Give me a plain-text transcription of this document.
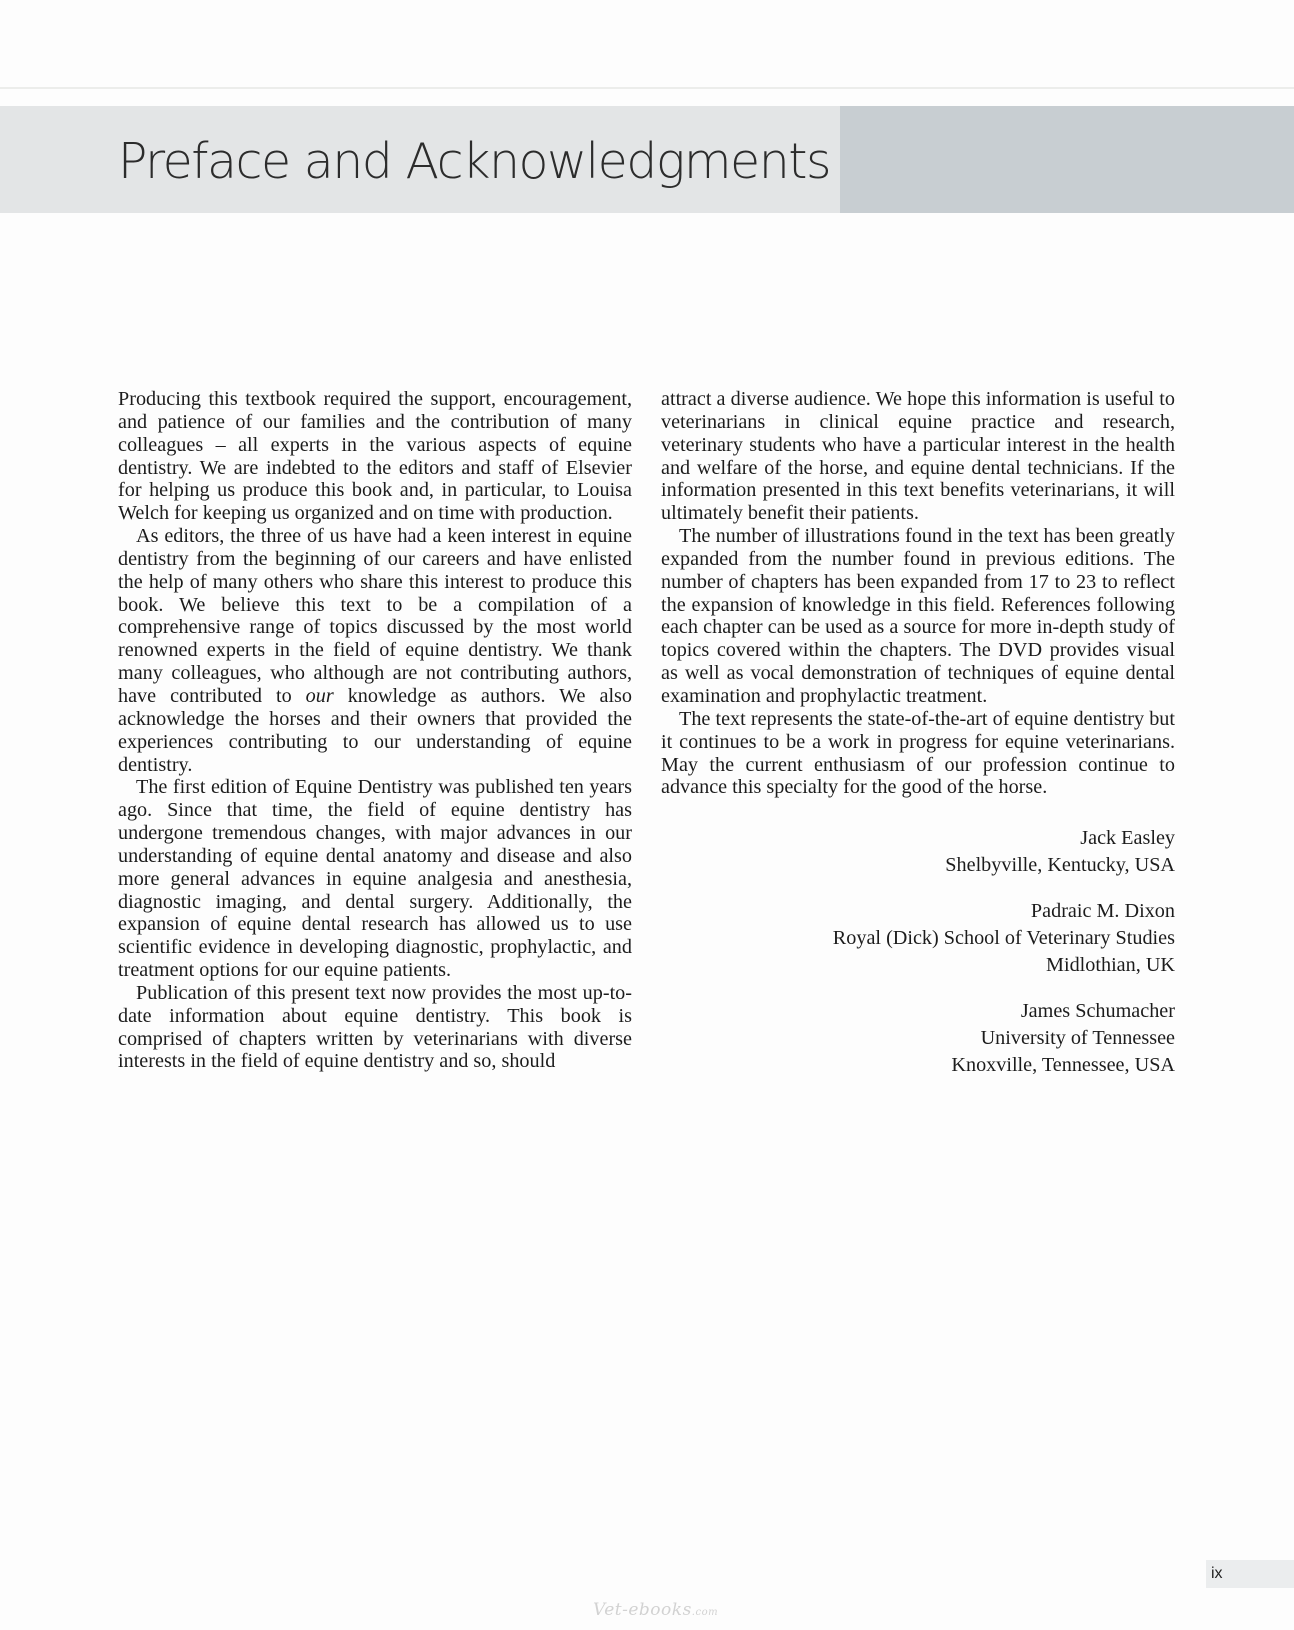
Preface and Acknowledgments

Producing this textbook required the support, encouragement, and patience of our families and the contribution of many colleagues – all experts in the various aspects of equine dentistry. We are indebted to the editors and staff of Elsevier for helping us produce this book and, in particular, to Louisa Welch for keeping us organized and on time with production.

As editors, the three of us have had a keen interest in equine dentistry from the beginning of our careers and have enlisted the help of many others who share this interest to produce this book. We believe this text to be a compilation of a comprehensive range of topics discussed by the most world renowned experts in the field of equine dentistry. We thank many colleagues, who although are not contributing authors, have contributed to our knowledge as authors. We also acknowledge the horses and their owners that provided the experiences contributing to our understanding of equine dentistry.

The first edition of Equine Dentistry was published ten years ago. Since that time, the field of equine dentistry has undergone tremendous changes, with major advances in our understanding of equine dental anatomy and disease and also more general advances in equine analgesia and anesthesia, diagnostic imaging, and dental surgery. Additionally, the expansion of equine dental research has allowed us to use scientific evidence in developing diagnostic, prophylactic, and treatment options for our equine patients.

Publication of this present text now provides the most up-to-date information about equine dentistry. This book is comprised of chapters written by veterinarians with diverse interests in the field of equine dentistry and so, should

attract a diverse audience. We hope this information is useful to veterinarians in clinical equine practice and research, veterinary students who have a particular interest in the health and welfare of the horse, and equine dental technicians. If the information presented in this text benefits veterinarians, it will ultimately benefit their patients.

The number of illustrations found in the text has been greatly expanded from the number found in previous editions. The number of chapters has been expanded from 17 to 23 to reflect the expansion of knowledge in this field. References following each chapter can be used as a source for more in-depth study of topics covered within the chapters. The DVD provides visual as well as vocal demonstration of techniques of equine dental examination and prophylactic treatment.

The text represents the state-of-the-art of equine dentistry but it continues to be a work in progress for equine veterinarians. May the current enthusiasm of our profession continue to advance this specialty for the good of the horse.

Jack Easley
Shelbyville, Kentucky, USA
Padraic M. Dixon
Royal (Dick) School of Veterinary Studies
Midlothian, UK
James Schumacher
University of Tennessee
Knoxville, Tennessee, USA
ix
Vet-ebooks.com
